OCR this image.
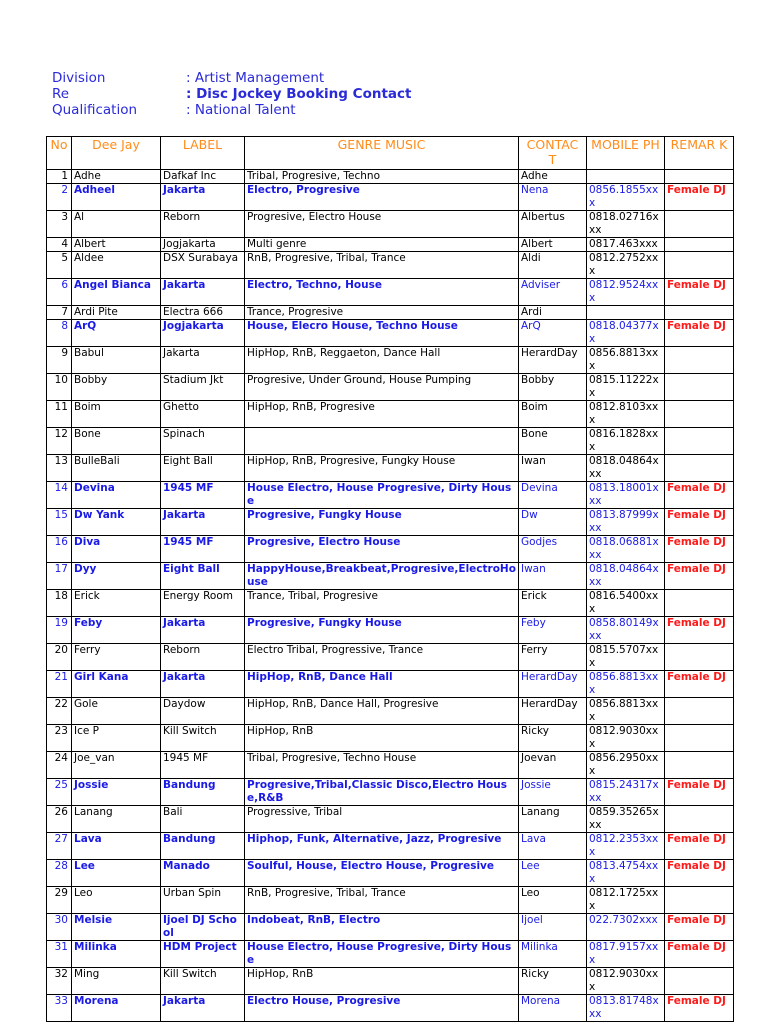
Division	: Artist Management
Re	: Disc Jockey Booking Contact
Qualification	: National Talent
No	Dee Jay	LABEL	GENRE MUSIC	CONTAC T	MOBILE PH	REMAR K
1	Adhe	Dafkaf Inc	Tribal, Progresive, Techno	Adhe		
2	Adheel	Jakarta	Electro, Progresive	Nena	0856.1855xxx	Female DJ
3	Al	Reborn	Progresive, Electro House	Albertus	0818.02716xxx	
4	Albert	Jogjakarta	Multi genre	Albert	0817.463xxx	
5	Aldee	DSX Surabaya	RnB, Progresive, Tribal, Trance	Aldi	0812.2752xxx	
6	Angel Bianca	Jakarta	Electro, Techno, House	Adviser	0812.9524xxx	Female DJ
7	Ardi Pite	Electra 666	Trance, Progresive	Ardi		
8	ArQ	Jogjakarta	House, Elecro House, Techno House	ArQ	0818.04377xx	Female DJ
9	Babul	Jakarta	HipHop, RnB, Reggaeton, Dance Hall	HerardDay	0856.8813xxx	
10	Bobby	Stadium Jkt	Progresive, Under Ground, House Pumping	Bobby	0815.11222xx	
11	Boim	Ghetto	HipHop, RnB, Progresive	Boim	0812.8103xxx	
12	Bone	Spinach		Bone	0816.1828xxx	
13	BulleBali	Eight Ball	HipHop, RnB, Progresive, Fungky House	Iwan	0818.04864xxx	
14	Devina	1945 MF	House Electro, House Progresive, Dirty House	Devina	0813.18001xxx	Female DJ
15	Dw Yank	Jakarta	Progresive, Fungky House	Dw	0813.87999xxx	Female DJ
16	Diva	1945 MF	Progresive, Electro House	Godjes	0818.06881xxx	Female DJ
17	Dyy	Eight Ball	HappyHouse,Breakbeat,Progresive,ElectroHouse	Iwan	0818.04864xxx	Female DJ
18	Erick	Energy Room	Trance, Tribal, Progresive	Erick	0816.5400xxx	
19	Feby	Jakarta	Progresive, Fungky House	Feby	0858.80149xxx	Female DJ
20	Ferry	Reborn	Electro Tribal, Progressive, Trance	Ferry	0815.5707xxx	
21	Girl Kana	Jakarta	HipHop, RnB, Dance Hall	HerardDay	0856.8813xxx	Female DJ
22	Gole	Daydow	HipHop, RnB, Dance Hall, Progresive	HerardDay	0856.8813xxx	
23	Ice P	Kill Switch	HipHop, RnB	Ricky	0812.9030xxx	
24	Joe_van	1945 MF	Tribal, Progresive, Techno House	Joevan	0856.2950xxx	
25	Jossie	Bandung	Progresive,Tribal,Classic Disco,Electro House,R&B	Jossie	0815.24317xxx	Female DJ
26	Lanang	Bali	Progressive, Tribal	Lanang	0859.35265xxx	
27	Lava	Bandung	Hiphop, Funk, Alternative, Jazz, Progresive	Lava	0812.2353xxx	Female DJ
28	Lee	Manado	Soulful, House, Electro House, Progresive	Lee	0813.4754xxx	Female DJ
29	Leo	Urban Spin	RnB, Progresive, Tribal, Trance	Leo	0812.1725xxx	
30	Melsie	Ijoel DJ School	Indobeat, RnB, Electro	Ijoel	022.7302xxx	Female DJ
31	Milinka	HDM Project	House Electro, House Progresive, Dirty House	Milinka	0817.9157xxx	Female DJ
32	Ming	Kill Switch	HipHop, RnB	Ricky	0812.9030xxx	
33	Morena	Jakarta	Electro House, Progresive	Morena	0813.81748xxx	Female DJ
